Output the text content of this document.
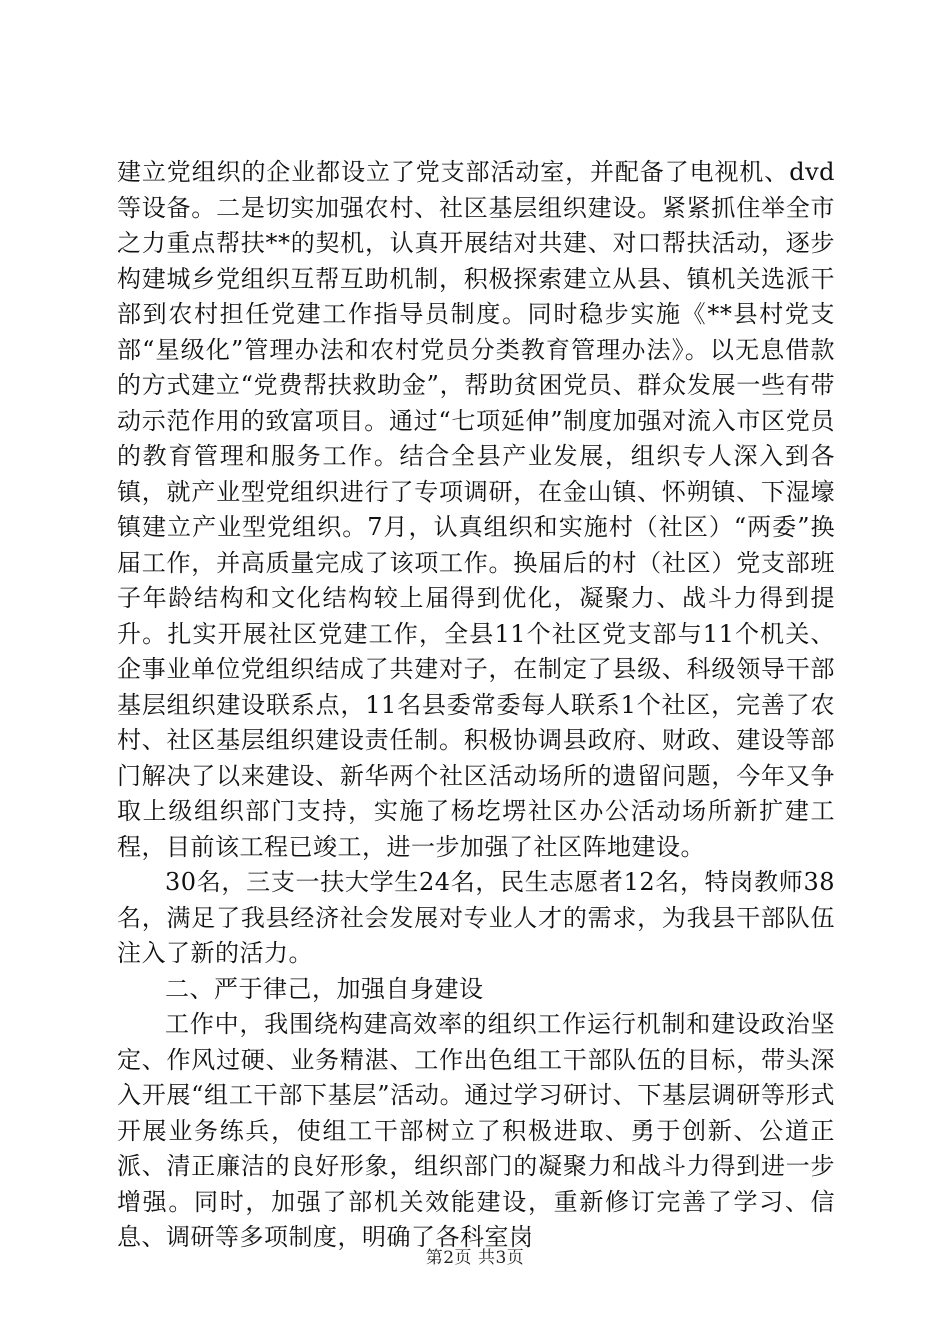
建立党组织的企业都设立了党支部活动室，并配备了电视机、dvd等设备。二是切实加强农村、社区基层组织建设。紧紧抓住举全市之力重点帮扶**的契机，认真开展结对共建、对口帮扶活动，逐步构建城乡党组织互帮互助机制，积极探索建立从县、镇机关选派干部到农村担任党建工作指导员制度。同时稳步实施《**县村党支部“星级化”管理办法和农村党员分类教育管理办法》。以无息借款的方式建立“党费帮扶救助金”，帮助贫困党员、群众发展一些有带动示范作用的致富项目。通过“七项延伸”制度加强对流入市区党员的教育管理和服务工作。结合全县产业发展，组织专人深入到各镇，就产业型党组织进行了专项调研，在金山镇、怀朔镇、下湿壕镇建立产业型党组织。7月，认真组织和实施村（社区）“两委”换届工作，并高质量完成了该项工作。换届后的村（社区）党支部班子年龄结构和文化结构较上届得到优化，凝聚力、战斗力得到提升。扎实开展社区党建工作，全县11个社区党支部与11个机关、企事业单位党组织结成了共建对子，在制定了县级、科级领导干部基层组织建设联系点，11名县委常委每人联系1个社区，完善了农村、社区基层组织建设责任制。积极协调县政府、财政、建设等部门解决了以来建设、新华两个社区活动场所的遗留问题，今年又争取上级组织部门支持，实施了杨圪塄社区办公活动场所新扩建工程，目前该工程已竣工，进一步加强了社区阵地建设。

30名，三支一扶大学生24名，民生志愿者12名，特岗教师38名，满足了我县经济社会发展对专业人才的需求，为我县干部队伍注入了新的活力。

二、严于律己，加强自身建设

工作中，我围绕构建高效率的组织工作运行机制和建设政治坚定、作风过硬、业务精湛、工作出色组工干部队伍的目标，带头深入开展“组工干部下基层”活动。通过学习研讨、下基层调研等形式开展业务练兵，使组工干部树立了积极进取、勇于创新、公道正派、清正廉洁的良好形象，组织部门的凝聚力和战斗力得到进一步增强。同时，加强了部机关效能建设，重新修订完善了学习、信息、调研等多项制度，明确了各科室岗

第2页 共3页
